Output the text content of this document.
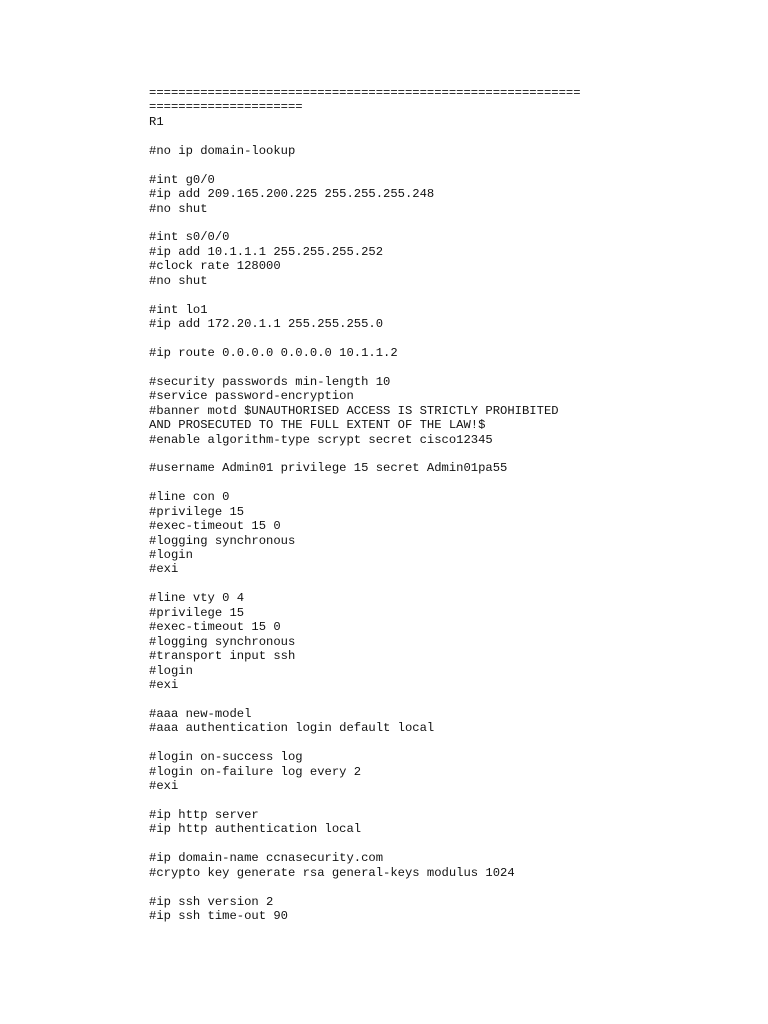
===========================================================
=====================
R1
#no ip domain-lookup
#int g0/0
#ip add 209.165.200.225 255.255.255.248
#no shut
#int s0/0/0
#ip add 10.1.1.1 255.255.255.252
#clock rate 128000
#no shut
#int lo1
#ip add 172.20.1.1 255.255.255.0
#ip route 0.0.0.0 0.0.0.0 10.1.1.2
#security passwords min-length 10
#service password-encryption
#banner motd $UNAUTHORISED ACCESS IS STRICTLY PROHIBITED
AND PROSECUTED TO THE FULL EXTENT OF THE LAW!$
#enable algorithm-type scrypt secret cisco12345
#username Admin01 privilege 15 secret Admin01pa55
#line con 0
#privilege 15
#exec-timeout 15 0
#logging synchronous
#login
#exi
#line vty 0 4
#privilege 15
#exec-timeout 15 0
#logging synchronous
#transport input ssh
#login
#exi
#aaa new-model
#aaa authentication login default local
#login on-success log
#login on-failure log every 2
#exi
#ip http server
#ip http authentication local
#ip domain-name ccnasecurity.com
#crypto key generate rsa general-keys modulus 1024
#ip ssh version 2
#ip ssh time-out 90
